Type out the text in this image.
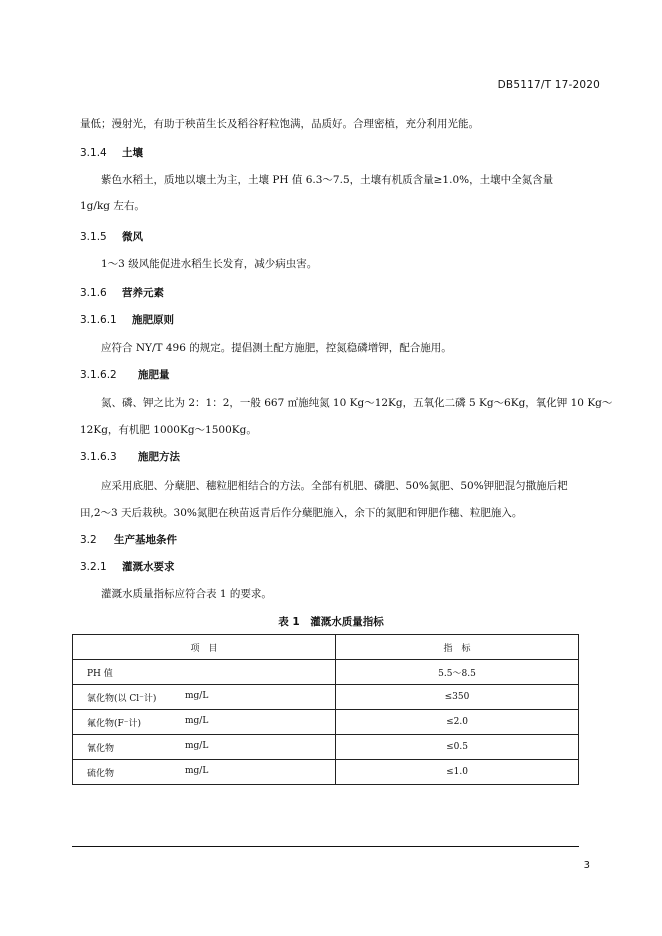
DB5117/T 17-2020
量低；漫射光，有助于秧苗生长及稻谷籽粒饱满，品质好。合理密植，充分利用光能。
3.1.4 土壤
紫色水稻土，质地以壤土为主，土壤 PH 值 6.3～7.5，土壤有机质含量≥1.0%，土壤中全氮含量
1g/kg 左右。
3.1.5 微风
1～3 级风能促进水稻生长发育，减少病虫害。
3.1.6 营养元素
3.1.6.1 施肥原则
应符合 NY/T 496 的规定。提倡测土配方施肥，控氮稳磷增钾，配合施用。
3.1.6.2 施肥量
氮、磷、钾之比为 2：1：2，一般 667 ㎡施纯氮 10 Kg～12Kg，五氧化二磷 5 Kg～6Kg，氧化钾 10 Kg～
12Kg，有机肥 1000Kg～1500Kg。
3.1.6.3 施肥方法
应采用底肥、分蘖肥、穗粒肥相结合的方法。全部有机肥、磷肥、50%氮肥、50%钾肥混匀撒施后耙
田,2～3 天后栽秧。30%氮肥在秧苗返青后作分蘖肥施入，余下的氮肥和钾肥作穗、粒肥施入。
3.2 生产基地条件
3.2.1 灌溉水要求
灌溉水质量指标应符合表 1 的要求。
表 1　灌溉水质量指标
项　目	指　标

PH 值	5.5～8.5

氯化物(以 Cl⁻计) mg/L	≤350

氟化物(F⁻计) mg/L	≤2.0

氰化物 mg/L	≤0.5

硫化物 mg/L	≤1.0
3
